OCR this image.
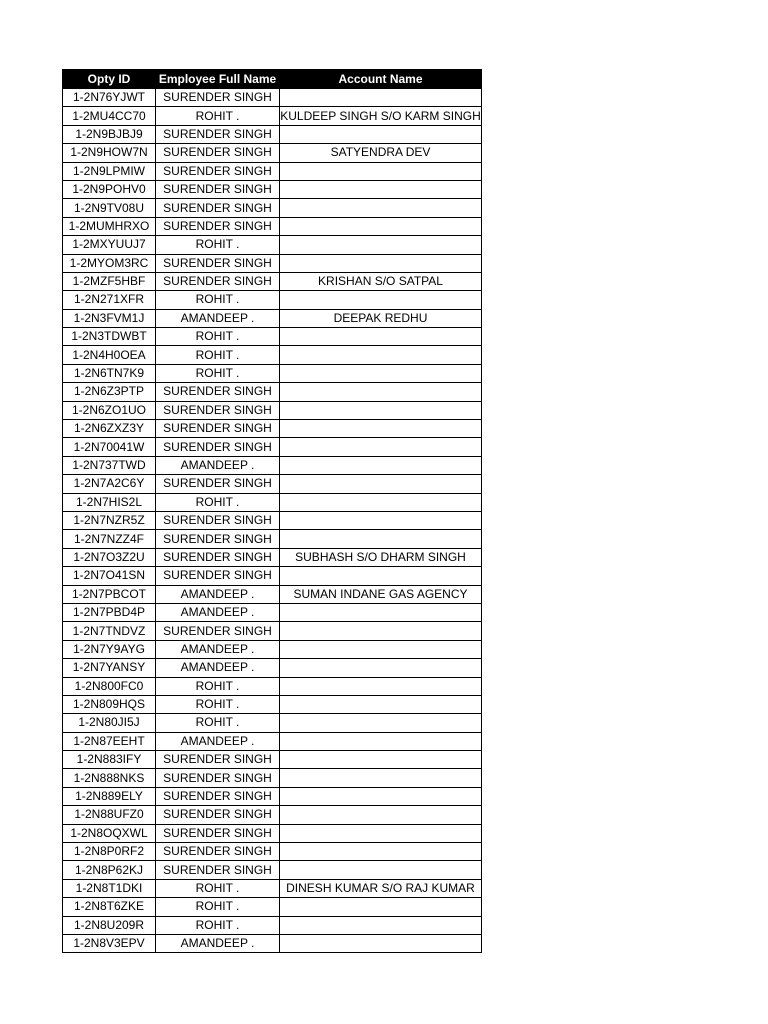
Opty ID	Employee Full Name	Account Name
1-2N76YJWT	SURENDER SINGH	
1-2MU4CC70	ROHIT .	KULDEEP SINGH S/O KARM SINGH
1-2N9BJBJ9	SURENDER SINGH	
1-2N9HOW7N	SURENDER SINGH	SATYENDRA DEV
1-2N9LPMIW	SURENDER SINGH	
1-2N9POHV0	SURENDER SINGH	
1-2N9TV08U	SURENDER SINGH	
1-2MUMHRXO	SURENDER SINGH	
1-2MXYUUJ7	ROHIT .	
1-2MYOM3RC	SURENDER SINGH	
1-2MZF5HBF	SURENDER SINGH	KRISHAN S/O SATPAL
1-2N271XFR	ROHIT .	
1-2N3FVM1J	AMANDEEP .	DEEPAK REDHU
1-2N3TDWBT	ROHIT .	
1-2N4H0OEA	ROHIT .	
1-2N6TN7K9	ROHIT .	
1-2N6Z3PTP	SURENDER SINGH	
1-2N6ZO1UO	SURENDER SINGH	
1-2N6ZXZ3Y	SURENDER SINGH	
1-2N70041W	SURENDER SINGH	
1-2N737TWD	AMANDEEP .	
1-2N7A2C6Y	SURENDER SINGH	
1-2N7HIS2L	ROHIT .	
1-2N7NZR5Z	SURENDER SINGH	
1-2N7NZZ4F	SURENDER SINGH	
1-2N7O3Z2U	SURENDER SINGH	SUBHASH S/O DHARM SINGH
1-2N7O41SN	SURENDER SINGH	
1-2N7PBCOT	AMANDEEP .	SUMAN INDANE GAS AGENCY
1-2N7PBD4P	AMANDEEP .	
1-2N7TNDVZ	SURENDER SINGH	
1-2N7Y9AYG	AMANDEEP .	
1-2N7YANSY	AMANDEEP .	
1-2N800FC0	ROHIT .	
1-2N809HQS	ROHIT .	
1-2N80JI5J	ROHIT .	
1-2N87EEHT	AMANDEEP .	
1-2N883IFY	SURENDER SINGH	
1-2N888NKS	SURENDER SINGH	
1-2N889ELY	SURENDER SINGH	
1-2N88UFZ0	SURENDER SINGH	
1-2N8OQXWL	SURENDER SINGH	
1-2N8P0RF2	SURENDER SINGH	
1-2N8P62KJ	SURENDER SINGH	
1-2N8T1DKI	ROHIT .	DINESH KUMAR S/O RAJ KUMAR
1-2N8T6ZKE	ROHIT .	
1-2N8U209R	ROHIT .	
1-2N8V3EPV	AMANDEEP .	
